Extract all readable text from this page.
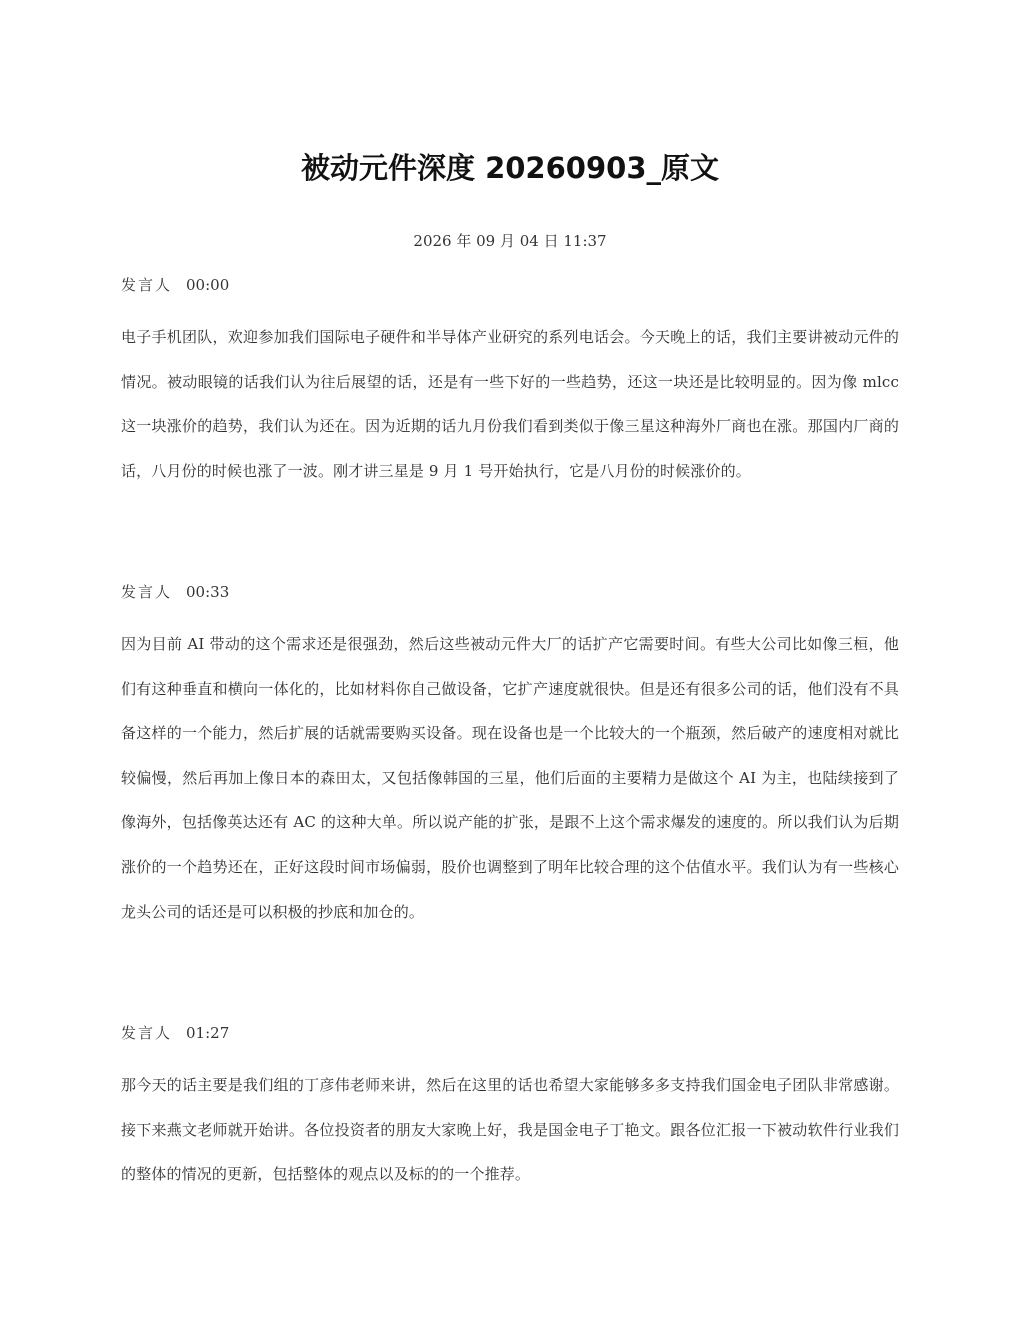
被动元件深度 20260903_原文

2026 年 09 月 04 日 11:37

发言人 00:00

电子手机团队，欢迎参加我们国际电子硬件和半导体产业研究的系列电话会。今天晚上的话，我们主要讲被动元件的情况。被动眼镜的话我们认为往后展望的话，还是有一些下好的一些趋势，还这一块还是比较明显的。因为像 mlcc 这一块涨价的趋势，我们认为还在。因为近期的话九月份我们看到类似于像三星这种海外厂商也在涨。那国内厂商的话，八月份的时候也涨了一波。刚才讲三星是 9 月 1 号开始执行，它是八月份的时候涨价的。

发言人 00:33

因为目前 AI 带动的这个需求还是很强劲，然后这些被动元件大厂的话扩产它需要时间。有些大公司比如像三桓，他们有这种垂直和横向一体化的，比如材料你自己做设备，它扩产速度就很快。但是还有很多公司的话，他们没有不具备这样的一个能力，然后扩展的话就需要购买设备。现在设备也是一个比较大的一个瓶颈，然后破产的速度相对就比较偏慢，然后再加上像日本的森田太，又包括像韩国的三星，他们后面的主要精力是做这个 AI 为主，也陆续接到了像海外，包括像英达还有 AC 的这种大单。所以说产能的扩张，是跟不上这个需求爆发的速度的。所以我们认为后期涨价的一个趋势还在，正好这段时间市场偏弱，股价也调整到了明年比较合理的这个估值水平。我们认为有一些核心龙头公司的话还是可以积极的抄底和加仓的。

发言人 01:27

那今天的话主要是我们组的丁彦伟老师来讲，然后在这里的话也希望大家能够多多支持我们国金电子团队非常感谢。接下来燕文老师就开始讲。各位投资者的朋友大家晚上好，我是国金电子丁艳文。跟各位汇报一下被动软件行业我们的整体的情况的更新，包括整体的观点以及标的的一个推荐。
